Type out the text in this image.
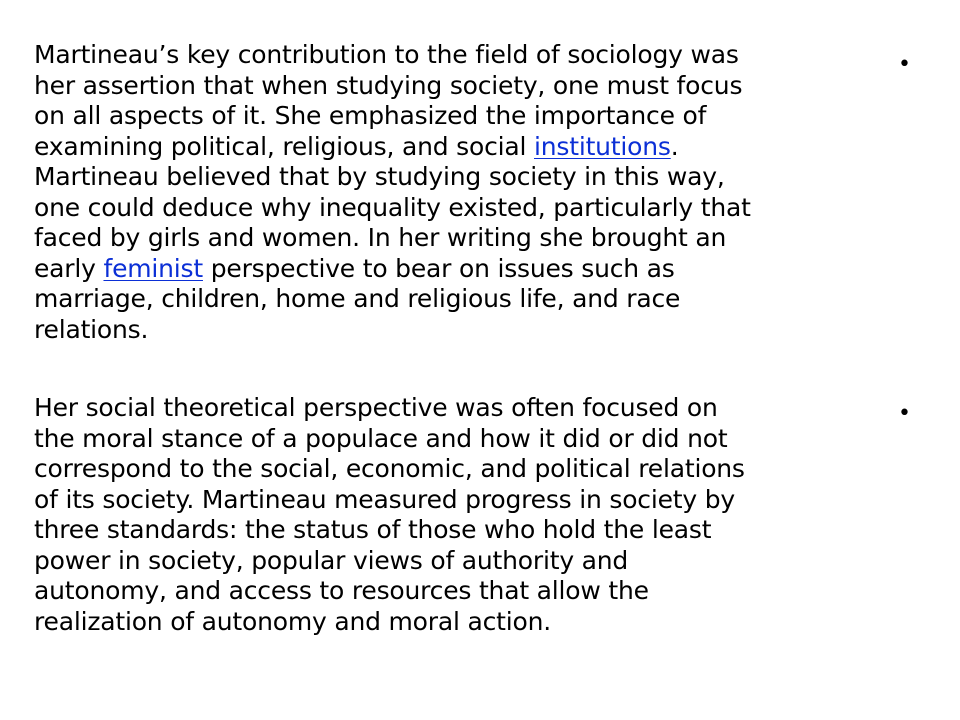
Martineau’s key contribution to the field of sociology was
her assertion that when studying society, one must focus
on all aspects of it. She emphasized the importance of
examining political, religious, and social institutions.
Martineau believed that by studying society in this way,
one could deduce why inequality existed, particularly that
faced by girls and women. In her writing she brought an
early feminist perspective to bear on issues such as
marriage, children, home and religious life, and race
relations.
•
Her social theoretical perspective was often focused on
the moral stance of a populace and how it did or did not
correspond to the social, economic, and political relations
of its society. Martineau measured progress in society by
three standards: the status of those who hold the least
power in society, popular views of authority and
autonomy, and access to resources that allow the
realization of autonomy and moral action.
•
